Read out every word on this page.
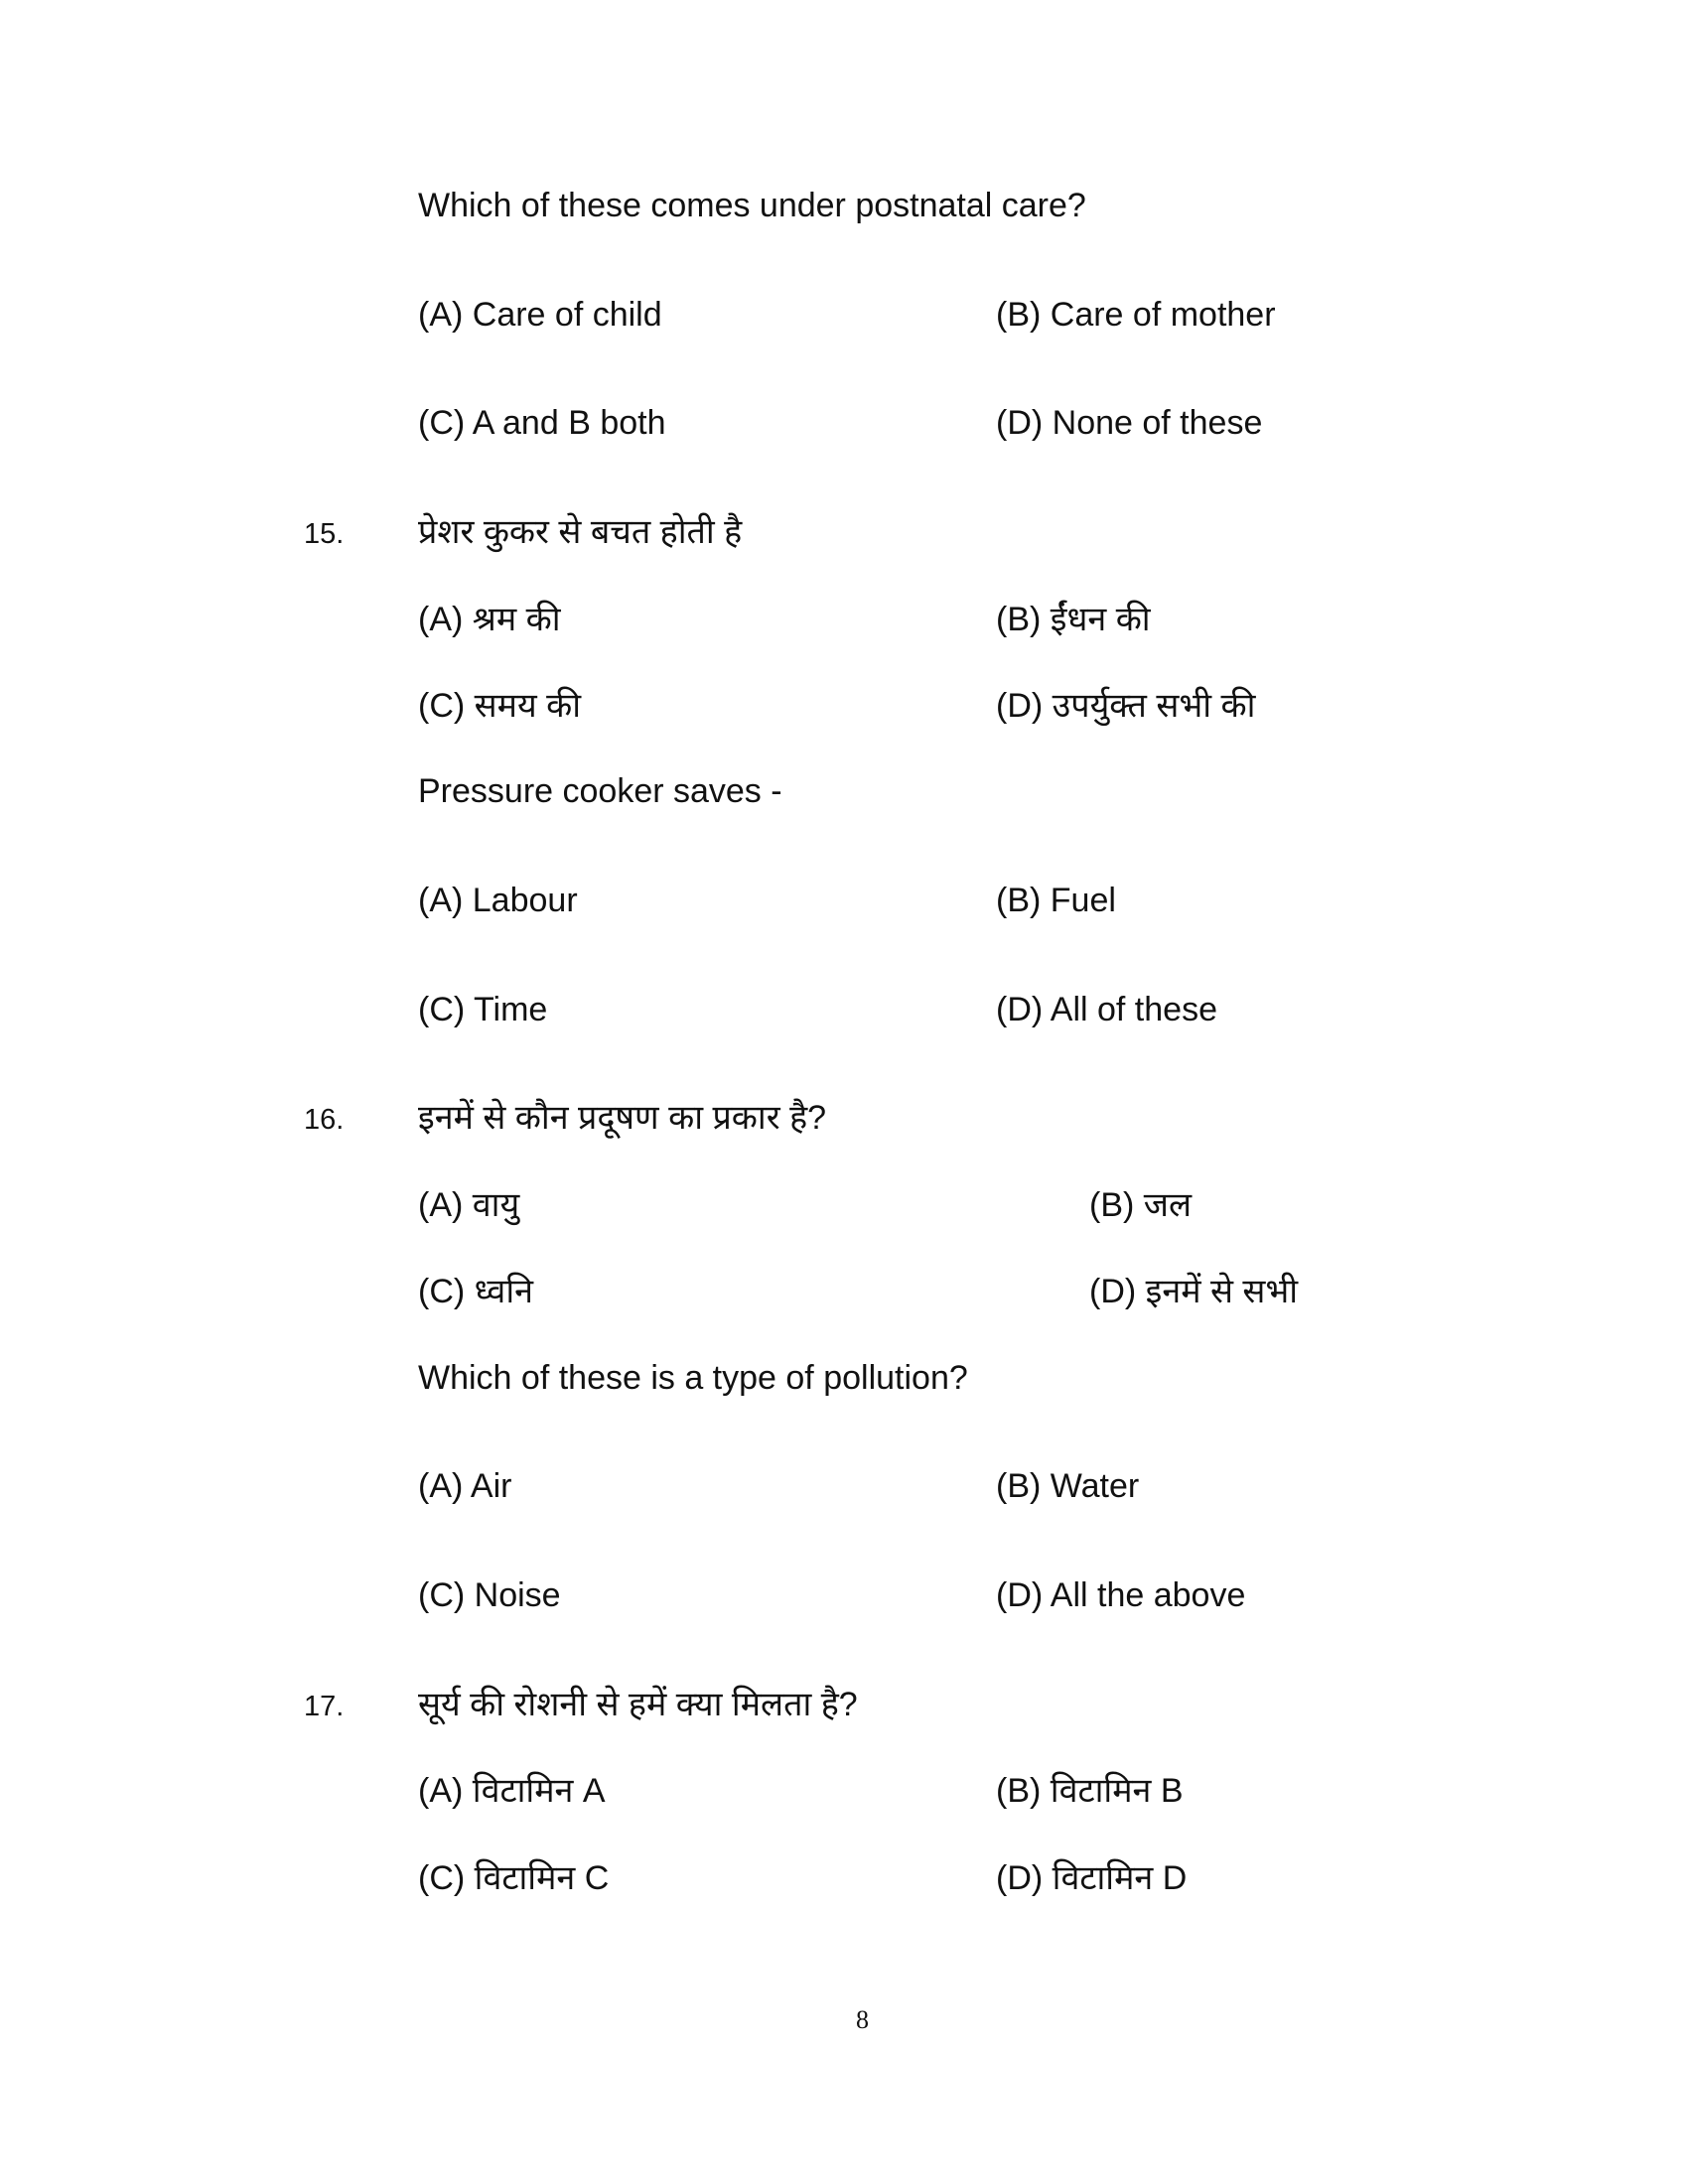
Which of these comes under postnatal care?
(A) Care of child	(B) Care of mother
(C) A and B both	(D) None of these
15. प्रेशर कुकर से बचत होती है
(A) श्रम की	(B) ईंधन की
(C) समय की	(D) उपर्युक्त सभी की
Pressure cooker saves -
(A) Labour	(B) Fuel
(C) Time	(D) All of these
16. इनमें से कौन प्रदूषण का प्रकार है?
(A) वायु	(B) जल
(C) ध्वनि	(D) इनमें से सभी
Which of these is a type of pollution?
(A) Air	(B) Water
(C) Noise	(D) All the above
17. सूर्य की रोशनी से हमें क्या मिलता है?
(A) विटामिन A	(B) विटामिन B
(C) विटामिन C	(D) विटामिन D
8
